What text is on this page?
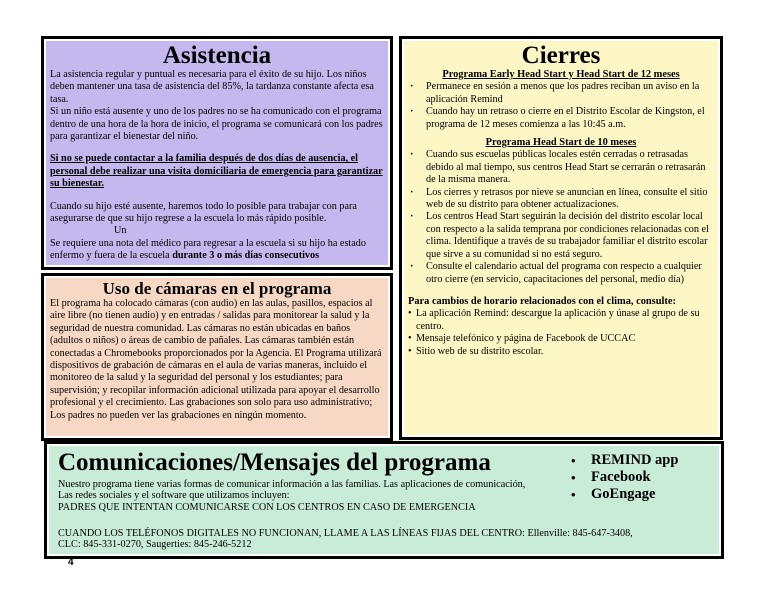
Asistencia

La asistencia regular y puntual es necesaria para el éxito de su hijo. Los niños deben mantener una tasa de asistencia del 85%, la tardanza constante afecta esa tasa.

Si un niño está ausente y uno de los padres no se ha comunicado con el programa dentro de una hora de la hora de inicio, el programa se comunicará con los padres para garantizar el bienestar del niño.

Si no se puede contactar a la familia después de dos días de ausencia, el personal debe realizar una visita domiciliaria de emergencia para garantizar su bienestar.

Cuando su hijo esté ausente, haremos todo lo posible para trabajar con para asegurarse de que su hijo regrese a la escuela lo más rápido posible.

Un

Se requiere una nota del médico para regresar a la escuela si su hijo ha estado enfermo y fuera de la escuela durante 3 o más días consecutivos

Uso de cámaras en el programa

El programa ha colocado cámaras (con audio) en las aulas, pasillos, espacios al aire libre (no tienen audio) y en entradas / salidas para monitorear la salud y la seguridad de nuestra comunidad. Las cámaras no están ubicadas en baños (adultos o niños) o áreas de cambio de pañales. Las cámaras también están conectadas a Chromebooks proporcionados por la Agencia. El Programa utilizará dispositivos de grabación de cámaras en el aula de varias maneras, incluido el monitoreo de la salud y la seguridad del personal y los estudiantes; para supervisión; y recopilar información adicional utilizada para apoyar el desarrollo profesional y el crecimiento. Las grabaciones son solo para uso administrativo; Los padres no pueden ver las grabaciones en ningún momento.

Cierres
Programa Early Head Start y Head Start de 12 meses
· Permanece en sesión a menos que los padres reciban un aviso en la aplicación Remind
· Cuando hay un retraso o cierre en el Distrito Escolar de Kingston, el programa de 12 meses comienza a las 10:45 a.m.
Programa Head Start de 10 meses
· Cuando sus escuelas públicas locales estén cerradas o retrasadas debido al mal tiempo, sus centros Head Start se cerrarán o retrasarán de la misma manera.
· Los cierres y retrasos por nieve se anuncian en línea, consulte el sitio web de su distrito para obtener actualizaciones.
· Los centros Head Start seguirán la decisión del distrito escolar local con respecto a la salida temprana por condiciones relacionadas con el clima. Identifique a través de su trabajador familiar el distrito escolar que sirve a su comunidad si no está seguro.
· Consulte el calendario actual del programa con respecto a cualquier otro cierre (en servicio, capacitaciones del personal, medio día)
Para cambios de horario relacionados con el clima, consulte:
• La aplicación Remind: descargue la aplicación y únase al grupo de su centro.
• Mensaje telefónico y página de Facebook de UCCAC
• Sitio web de su distrito escolar.
Comunicaciones/Mensajes del programa
Nuestro programa tiene varias formas de comunicar información a las familias. Las aplicaciones de comunicación,
Las redes sociales y el software que utilizamos incluyen:
PADRES QUE INTENTAN COMUNICARSE CON LOS CENTROS EN CASO DE EMERGENCIA
• REMIND app
• Facebook
• GoEngage
CUANDO LOS TELÉFONOS DIGITALES NO FUNCIONAN, LLAME A LAS LÍNEAS FIJAS DEL CENTRO: Ellenville: 845-647-3408,
CLC: 845-331-0270, Saugerties: 845-246-5212
4
